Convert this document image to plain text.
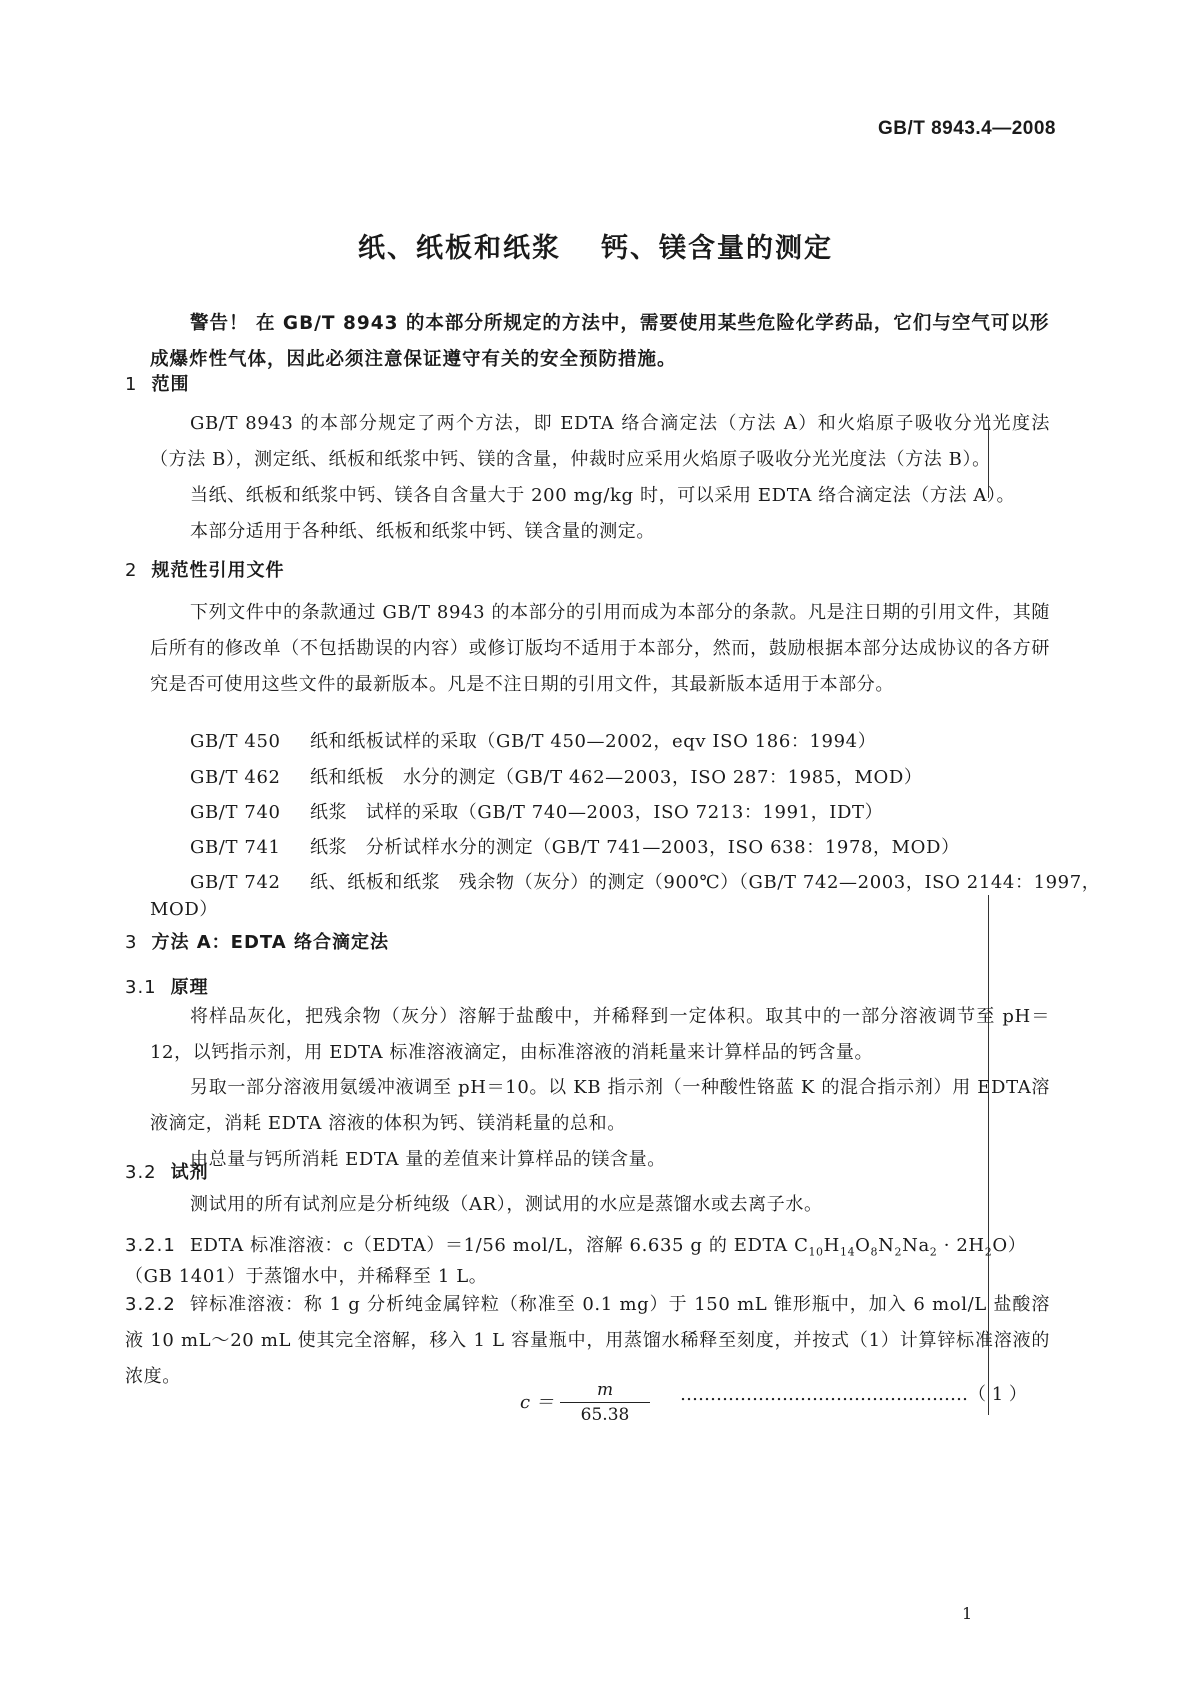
GB/T 8943.4—2008
纸、纸板和纸浆 钙、镁含量的测定
警告！ 在 GB/T 8943 的本部分所规定的方法中，需要使用某些危险化学药品，它们与空气可以形成爆炸性气体，因此必须注意保证遵守有关的安全预防措施。
1 范围
GB/T 8943 的本部分规定了两个方法，即 EDTA 络合滴定法（方法 A）和火焰原子吸收分光光度法（方法 B），测定纸、纸板和纸浆中钙、镁的含量，仲裁时应采用火焰原子吸收分光光度法（方法 B）。
当纸、纸板和纸浆中钙、镁各自含量大于 200 mg/kg 时，可以采用 EDTA 络合滴定法（方法 A）。
本部分适用于各种纸、纸板和纸浆中钙、镁含量的测定。
2 规范性引用文件
下列文件中的条款通过 GB/T 8943 的本部分的引用而成为本部分的条款。凡是注日期的引用文件，其随后所有的修改单（不包括勘误的内容）或修订版均不适用于本部分，然而，鼓励根据本部分达成协议的各方研究是否可使用这些文件的最新版本。凡是不注日期的引用文件，其最新版本适用于本部分。
GB/T 450 纸和纸板试样的采取（GB/T 450—2002，eqv ISO 186：1994）
GB/T 462 纸和纸板　水分的测定（GB/T 462—2003，ISO 287：1985，MOD）
GB/T 740 纸浆　试样的采取（GB/T 740—2003，ISO 7213：1991，IDT）
GB/T 741 纸浆　分析试样水分的测定（GB/T 741—2003，ISO 638：1978，MOD）
GB/T 742 纸、纸板和纸浆　残余物（灰分）的测定（900℃）（GB/T 742—2003，ISO 2144：1997，
MOD）
3 方法 A：EDTA 络合滴定法
3.1 原理
将样品灰化，把残余物（灰分）溶解于盐酸中，并稀释到一定体积。取其中的一部分溶液调节至 pH＝12，以钙指示剂，用 EDTA 标准溶液滴定，由标准溶液的消耗量来计算样品的钙含量。
另取一部分溶液用氨缓冲液调至 pH＝10。以 KB 指示剂（一种酸性铬蓝 K 的混合指示剂）用 EDTA溶液滴定，消耗 EDTA 溶液的体积为钙、镁消耗量的总和。
由总量与钙所消耗 EDTA 量的差值来计算样品的镁含量。
3.2 试剂
测试用的所有试剂应是分析纯级（AR），测试用的水应是蒸馏水或去离子水。
3.2.1 EDTA 标准溶液：c（EDTA）＝1/56 mol/L，溶解 6.635 g 的 EDTA $C_{10}H_{14}O_8N_2Na_2 \cdot 2H_2O$）
（GB 1401）于蒸馏水中，并稀释至 1 L。
3.2.2 锌标准溶液：称 1 g 分析纯金属锌粒（称准至 0.1 mg）于 150 mL 锥形瓶中，加入 6 mol/L 盐酸溶液 10 mL～20 mL 使其完全溶解，移入 1 L 容量瓶中，用蒸馏水稀释至刻度，并按式（1）计算锌标准溶液的浓度。
$c = \frac{m}{65.38}$ …………………………………………（ 1 ）
1
